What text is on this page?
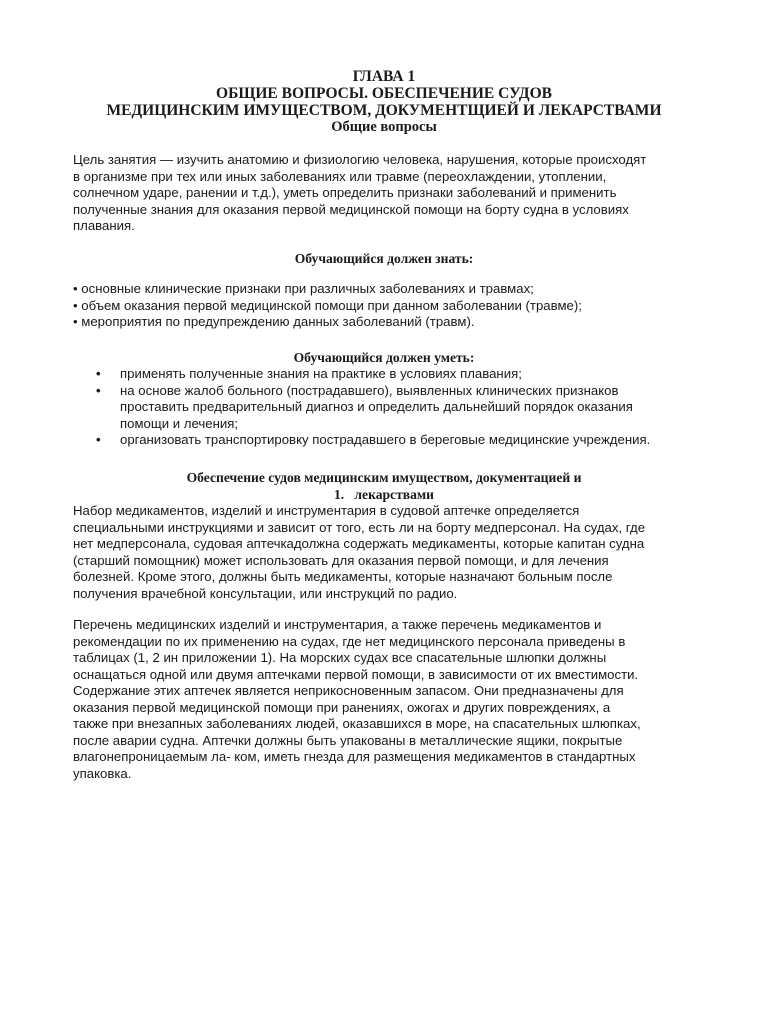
ГЛАВА 1
ОБЩИЕ ВОПРОСЫ. ОБЕСПЕЧЕНИЕ СУДОВ
МЕДИЦИНСКИМ ИМУЩЕСТВОМ, ДОКУМЕНТЩИЕЙ И ЛЕКАРСТВАМИ
Общие вопросы

Цель занятия — изучить анатомию и физиологию человека, нарушения, которые происходят

в организме при тех или иных заболеваниях или травме (переохлаждении, утоплении,

солнечном ударе, ранении и т.д.), уметь определить признаки заболеваний и применить

полученные знания для оказания первой медицинской помощи на борту судна в условиях

плавания.

Обучающийся должен знать:
• основные клинические признаки при различных заболеваниях и травмах;
• объем оказания первой медицинской помощи при данном заболевании (травме);
• мероприятия по предупреждению данных заболеваний (травм).
Обучающийся должен уметь:
• применять полученные знания на практике в условиях плавания;
• на основе жалоб больного (пострадавшего), выявленных клинических признаков
проставить предварительный диагноз и определить дальнейший порядок оказания
помощи и лечения;
• организовать транспортировку пострадавшего в береговые медицинские учреждения.
Обеспечение судов медицинским имуществом, документацией и
1. лекарствами

Набор медикаментов, изделий и инструментария в судовой аптечке определяется

специальными инструкциями и зависит от того, есть ли на борту медперсонал. На судах, где

нет медперсонала, судовая аптечкадолжна содержать медикаменты, которые капитан судна

(старший помощник) может использовать для оказания первой помощи, и для лечения

болезней. Кроме этого, должны быть медикаменты, которые назначают больным после

получения врачебной консультации, или инструкций по радио.

Перечень медицинских изделий и инструментария, а также перечень медикаментов и

рекомендации по их применению на судах, где нет медицинского персонала приведены в

таблицах (1, 2 ин приложении 1). На морских судах все спасательные шлюпки должны

оснащаться одной или двумя аптечками первой помощи, в зависимости от их вместимости.

Содержание этих аптечек является неприкосновенным запасом. Они предназначены для

оказания первой медицинской помощи при ранениях, ожогах и других повреждениях, а

также при внезапных заболеваниях людей, оказавшихся в море, на спасательных шлюпках,

после аварии судна. Аптечки должны быть упакованы в металлические ящики, покрытые

влагонепроницаемым ла- ком, иметь гнезда для размещения медикаментов в стандартных

упаковка.
